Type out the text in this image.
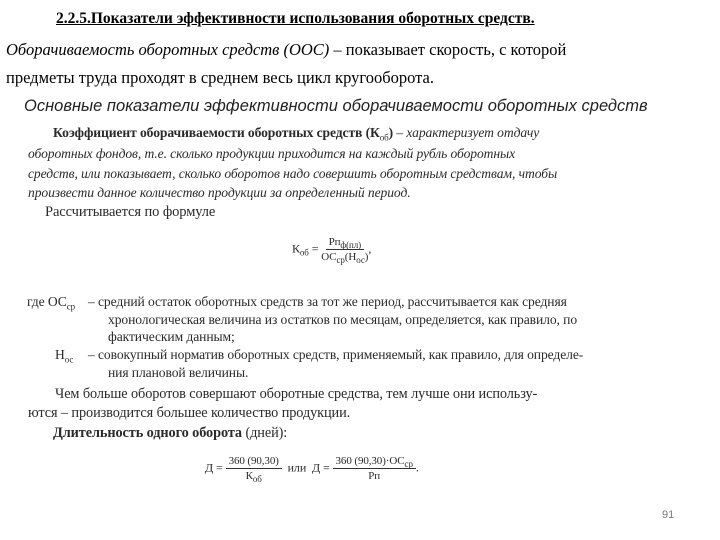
2.2.5.Показатели эффективности использования оборотных средств.
Оборачиваемость оборотных средств (ООС) – показывает скорость, с которой
предметы труда проходят в среднем весь цикл кругооборота.
Основные показатели эффективности оборачиваемости оборотных средств
Коэффициент оборачиваемости оборотных средств $(К_{об})$ – характеризует отдачу
оборотных фондов, т.е. сколько продукции приходится на каждый рубль оборотных
средств, или показывает, сколько оборотов надо совершить оборотным средствам, чтобы
произвести данное количество продукции за определенный период.
Рассчитывается по формуле
$К_{об} = \frac{Рп_{ф(пл)}}{ОС_{ср}(Н_{ос})}$ ,
где $ОС_{ср}$ – средний остаток оборотных средств за тот же период, рассчитывается как средняя
хронологическая величина из остатков по месяцам, определяется, как правило, по
фактическим данным;
$Н_{ос}$ – совокупный норматив оборотных средств, применяемый, как правило, для определе-
ния плановой величины.
Чем больше оборотов совершают оборотные средства, тем лучше они использу-
ются – производится большее количество продукции.
Длительность одного оборота (дней):
$Д = \frac{360 (90,30)}{К_{об}}$ или $Д = \frac{360 (90,30)\cdot ОС_{ср}}{Рп}$ .
91
